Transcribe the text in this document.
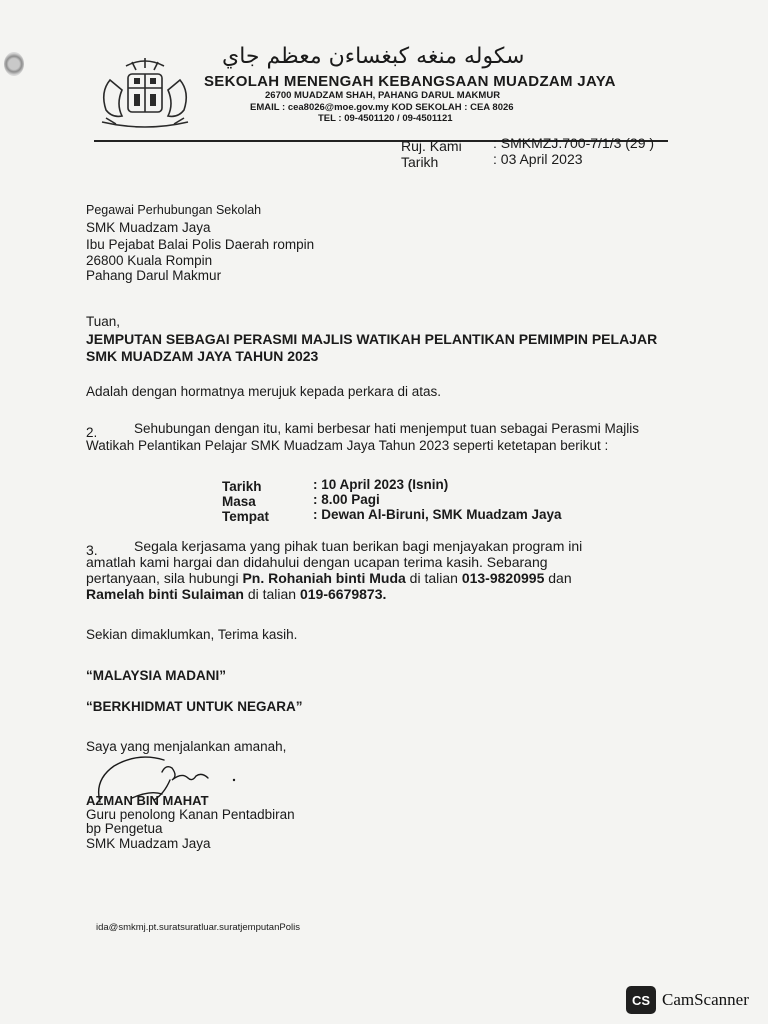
سكوله منغه كبغساءن معظم جاي
SEKOLAH MENENGAH KEBANGSAAN MUADZAM JAYA
26700 MUADZAM SHAH, PAHANG DARUL MAKMUR
EMAIL : cea8026@moe.gov.my KOD SEKOLAH : CEA 8026
TEL : 09-4501120 / 09-4501121
Ruj. Kami : SMKMZJ.700-7/1/3 (29 )
Tarikh	: 03 April 2023
Pegawai Perhubungan Sekolah
SMK Muadzam Jaya
Ibu Pejabat Balai Polis Daerah rompin
26800 Kuala Rompin
Pahang Darul Makmur
Tuan,
JEMPUTAN SEBAGAI PERASMI MAJLIS WATIKAH PELANTIKAN PEMIMPIN PELAJAR
SMK MUADZAM JAYA TAHUN 2023
Adalah dengan hormatnya merujuk kepada perkara di atas.
2.	Sehubungan dengan itu, kami berbesar hati menjemput tuan sebagai Perasmi Majlis
Watikah Pelantikan Pelajar SMK Muadzam Jaya Tahun 2023 seperti ketetapan berikut :
Tarikh	: 10 April 2023 (Isnin)
Masa	: 8.00 Pagi
Tempat	: Dewan Al-Biruni, SMK Muadzam Jaya
3.	Segala kerjasama yang pihak tuan berikan bagi menjayakan program ini
amatlah kami hargai dan didahului dengan ucapan terima kasih. Sebarang
pertanyaan, sila hubungi Pn. Rohaniah binti Muda di talian 013-9820995 dan
Ramelah binti Sulaiman di talian 019-6679873.
Sekian dimaklumkan, Terima kasih.
“MALAYSIA MADANI”
“BERKHIDMAT UNTUK NEGARA”
Saya yang menjalankan amanah,
AZMAN BIN MAHAT
Guru penolong Kanan Pentadbiran
bp Pengetua
SMK Muadzam Jaya
ida@smkmj.pt.suratsuratluar.suratjemputanPolis
CS CamScanner
